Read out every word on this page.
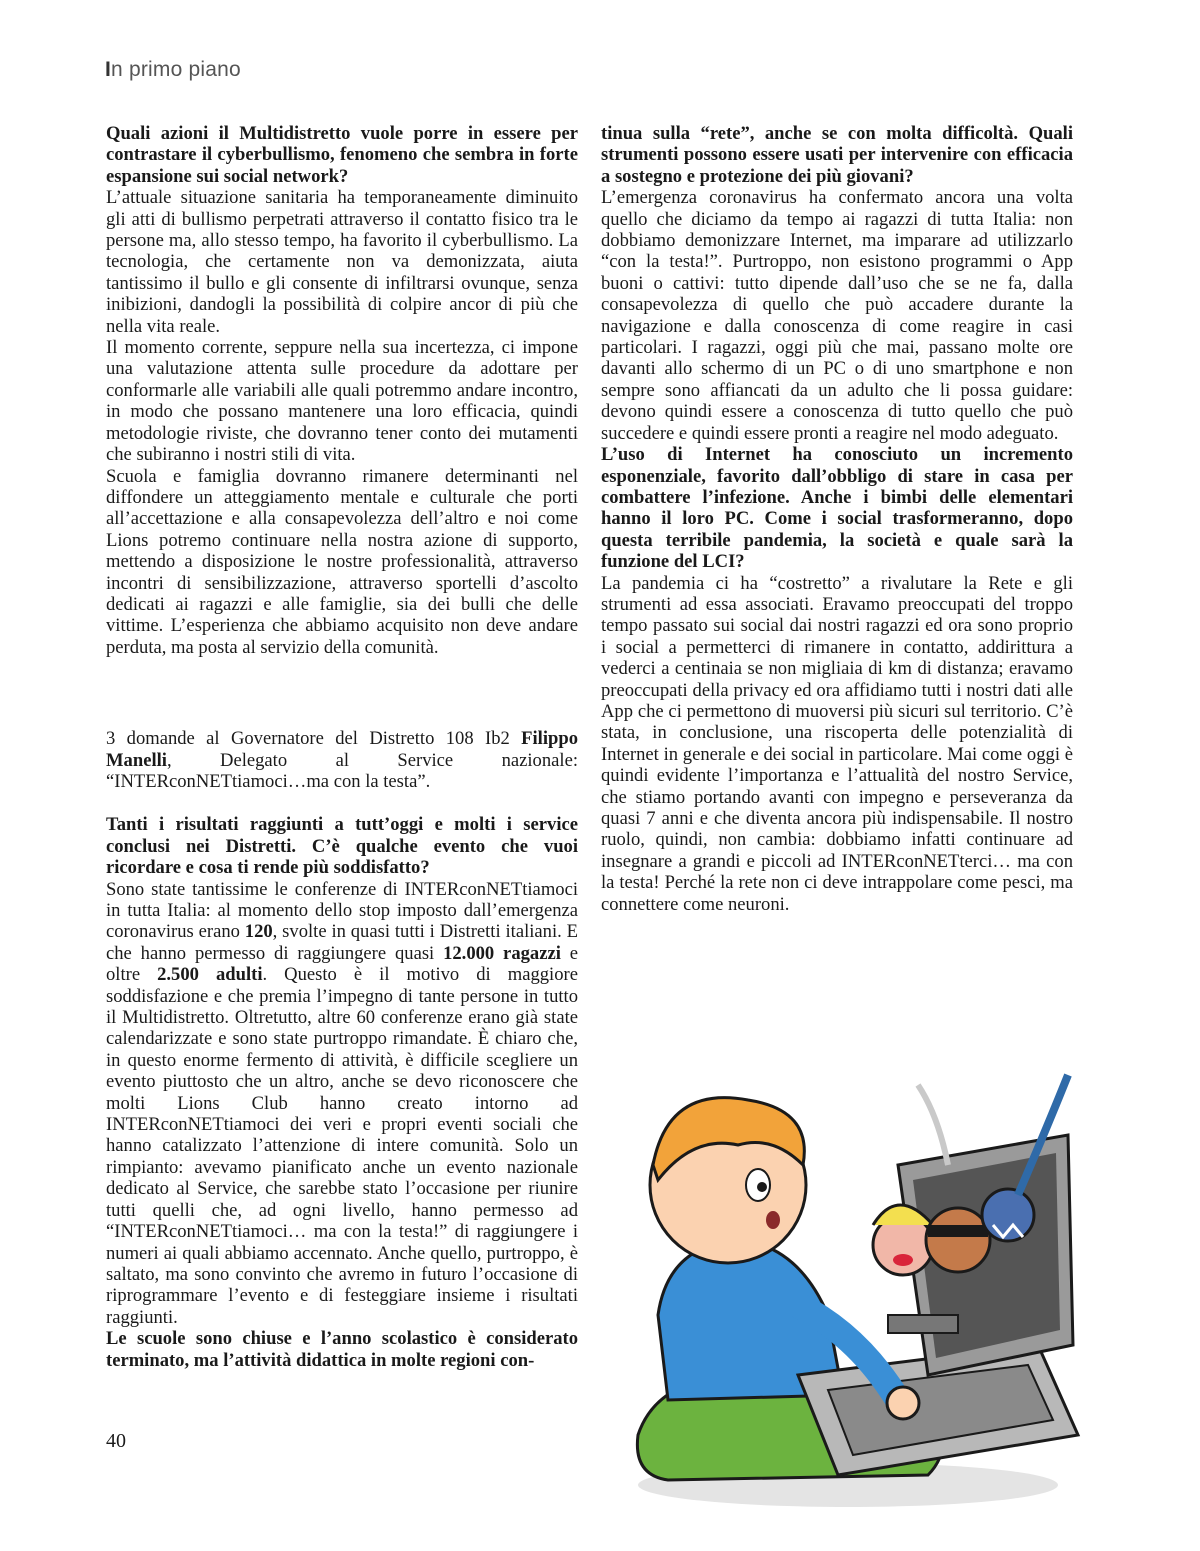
In primo piano

Quali azioni il Multidistretto vuole porre in essere per contrastare il cyberbullismo, fenomeno che sembra in forte espansione sui social network?

L’attuale situazione sanitaria ha temporaneamente diminuito gli atti di bullismo perpetrati attraverso il contatto fisico tra le persone ma, allo stesso tempo, ha favorito il cyberbullismo. La tecnologia, che certamente non va demonizzata, aiuta tantissimo il bullo e gli consente di infiltrarsi ovunque, senza inibizioni, dandogli la possibilità di colpire ancor di più che nella vita reale.

Il momento corrente, seppure nella sua incertezza, ci impone una valutazione attenta sulle procedure da adottare per conformarle alle variabili alle quali potremmo andare incontro, in modo che possano mantenere una loro efficacia, quindi metodologie riviste, che dovranno tener conto dei mutamenti che subiranno i nostri stili di vita.

Scuola e famiglia dovranno rimanere determinanti nel diffondere un atteggiamento mentale e culturale che porti all’accettazione e alla consapevolezza dell’altro e noi come Lions potremo continuare nella nostra azione di supporto, mettendo a disposizione le nostre professionalità, attraverso incontri di sensibilizzazione, attraverso sportelli d’ascolto dedicati ai ragazzi e alle famiglie, sia dei bulli che delle vittime. L’esperienza che abbiamo acquisito non deve andare perduta, ma posta al servizio della comunità.

3 domande al Governatore del Distretto 108 Ib2 Filippo Manelli, Delegato al Service nazionale: “INTERconNETtiamoci…ma con la testa”.

Tanti i risultati raggiunti a tutt’oggi e molti i service conclusi nei Distretti. C’è qualche evento che vuoi ricordare e cosa ti rende più soddisfatto?

Sono state tantissime le conferenze di INTERconNETtiamoci in tutta Italia: al momento dello stop imposto dall’emergenza coronavirus erano 120, svolte in quasi tutti i Distretti italiani. E che hanno permesso di raggiungere quasi 12.000 ragazzi e oltre 2.500 adulti. Questo è il motivo di maggiore soddisfazione e che premia l’impegno di tante persone in tutto il Multidistretto. Oltretutto, altre 60 conferenze erano già state calendarizzate e sono state purtroppo rimandate. È chiaro che, in questo enorme fermento di attività, è difficile scegliere un evento piuttosto che un altro, anche se devo riconoscere che molti Lions Club hanno creato intorno ad INTERconNETtiamoci dei veri e propri eventi sociali che hanno catalizzato l’attenzione di intere comunità. Solo un rimpianto: avevamo pianificato anche un evento nazionale dedicato al Service, che sarebbe stato l’occasione per riunire tutti quelli che, ad ogni livello, hanno permesso ad “INTERconNETtiamoci… ma con la testa!” di raggiungere i numeri ai quali abbiamo accennato. Anche quello, purtroppo, è saltato, ma sono convinto che avremo in futuro l’occasione di riprogrammare l’evento e di festeggiare insieme i risultati raggiunti.

Le scuole sono chiuse e l’anno scolastico è considerato terminato, ma l’attività didattica in molte regioni con-

tinua sulla “rete”, anche se con molta difficoltà. Quali strumenti possono essere usati per intervenire con efficacia a sostegno e protezione dei più giovani?

L’emergenza coronavirus ha confermato ancora una volta quello che diciamo da tempo ai ragazzi di tutta Italia: non dobbiamo demonizzare Internet, ma imparare ad utilizzarlo “con la testa!”. Purtroppo, non esistono programmi o App buoni o cattivi: tutto dipende dall’uso che se ne fa, dalla consapevolezza di quello che può accadere durante la navigazione e dalla conoscenza di come reagire in casi particolari. I ragazzi, oggi più che mai, passano molte ore davanti allo schermo di un PC o di uno smartphone e non sempre sono affiancati da un adulto che li possa guidare: devono quindi essere a conoscenza di tutto quello che può succedere e quindi essere pronti a reagire nel modo adeguato.

L’uso di Internet ha conosciuto un incremento esponenziale, favorito dall’obbligo di stare in casa per combattere l’infezione. Anche i bimbi delle elementari hanno il loro PC. Come i social trasformeranno, dopo questa terribile pandemia, la società e quale sarà la funzione del LCI?

La pandemia ci ha “costretto” a rivalutare la Rete e gli strumenti ad essa associati. Eravamo preoccupati del troppo tempo passato sui social dai nostri ragazzi ed ora sono proprio i social a permetterci di rimanere in contatto, addirittura a vederci a centinaia se non migliaia di km di distanza; eravamo preoccupati della privacy ed ora affidiamo tutti i nostri dati alle App che ci permettono di muoversi più sicuri sul territorio. C’è stata, in conclusione, una riscoperta delle potenzialità di Internet in generale e dei social in particolare. Mai come oggi è quindi evidente l’importanza e l’attualità del nostro Service, che stiamo portando avanti con impegno e perseveranza da quasi 7 anni e che diventa ancora più indispensabile. Il nostro ruolo, quindi, non cambia: dobbiamo infatti continuare ad insegnare a grandi e piccoli ad INTERconNETterci… ma con la testa! Perché la rete non ci deve intrappolare come pesci, ma connettere come neuroni.

40
